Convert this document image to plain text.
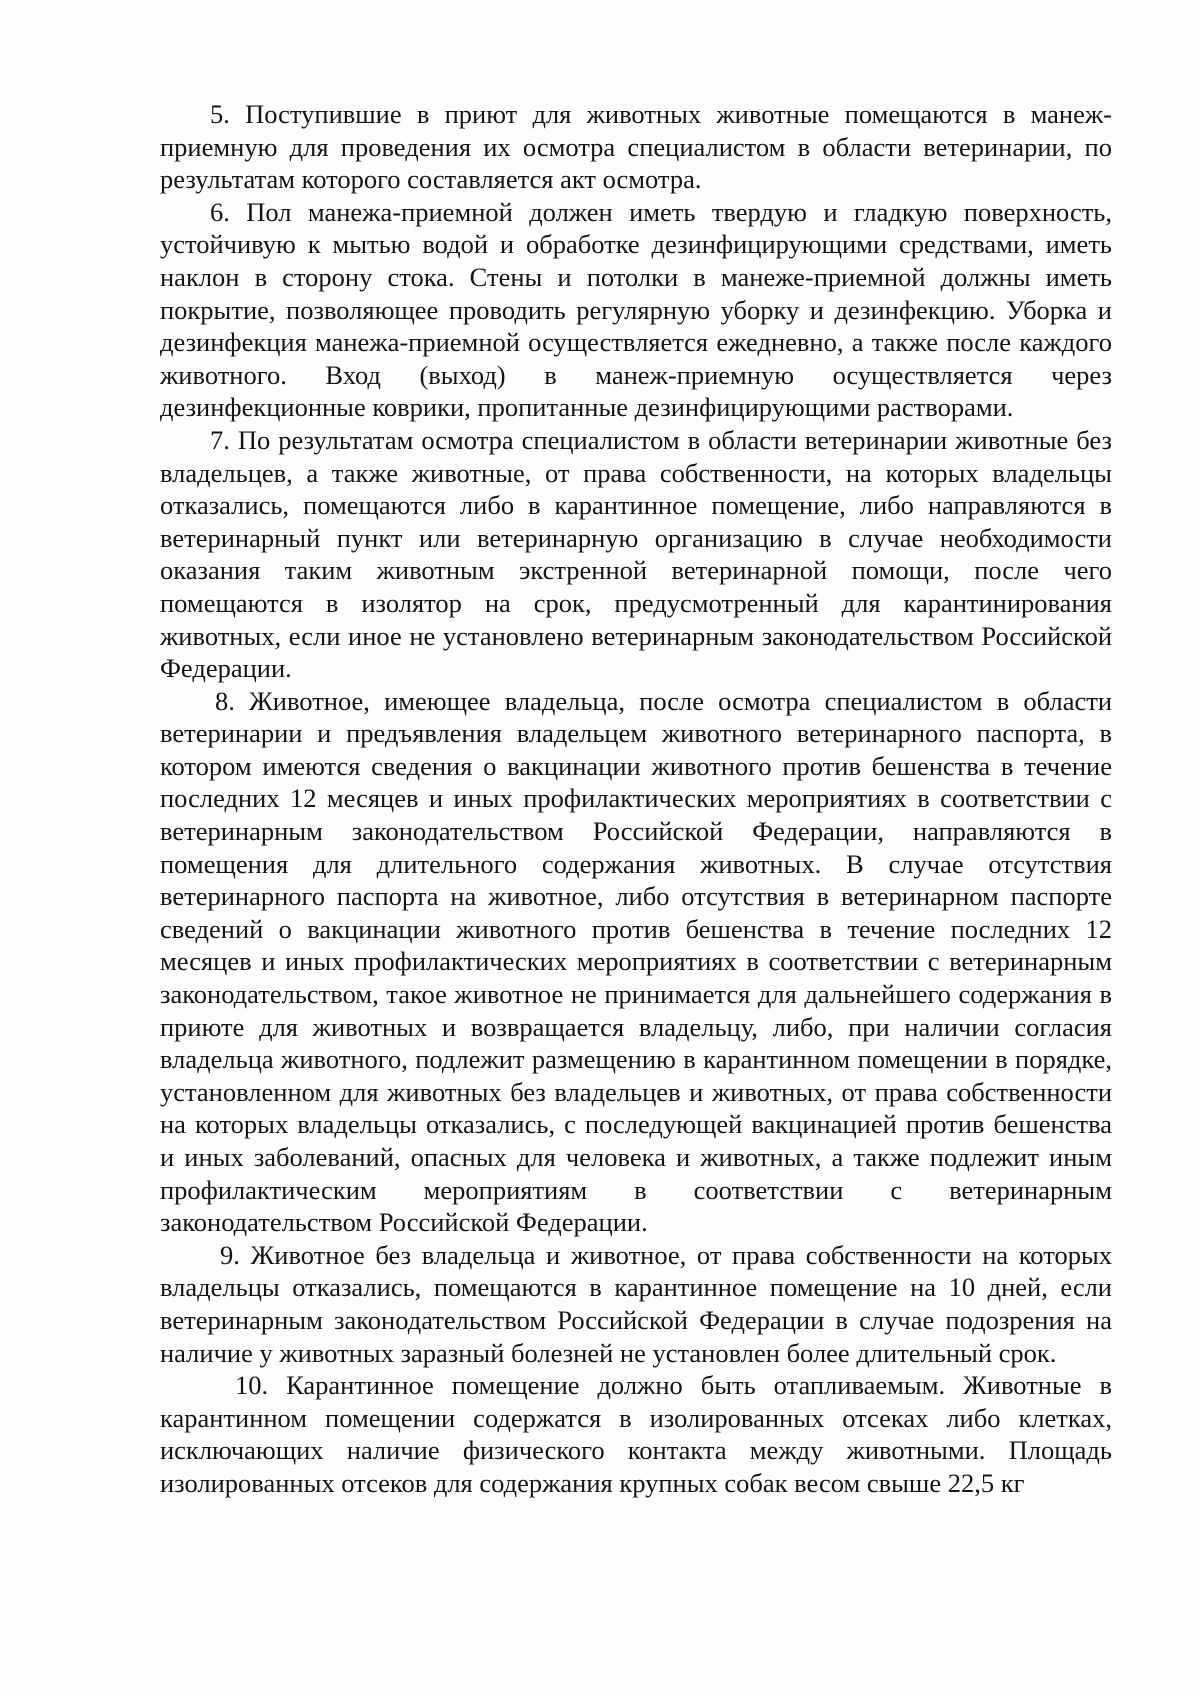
5. Поступившие в приют для животных животные помещаются в манеж-приемную для проведения их осмотра специалистом в области ветеринарии, по результатам которого составляется акт осмотра.

6. Пол манежа-приемной должен иметь твердую и гладкую поверхность, устойчивую к мытью водой и обработке дезинфицирующими средствами, иметь наклон в сторону стока. Стены и потолки в манеже-приемной должны иметь покрытие, позволяющее проводить регулярную уборку и дезинфекцию. Уборка и дезинфекция манежа-приемной осуществляется ежедневно, а также после каждого животного. Вход (выход) в манеж-приемную осуществляется через дезинфекционные коврики, пропитанные дезинфицирующими растворами.

7. По результатам осмотра специалистом в области ветеринарии животные без владельцев, а также животные, от права собственности, на которых владельцы отказались, помещаются либо в карантинное помещение, либо направляются в ветеринарный пункт или ветеринарную организацию в случае необходимости оказания таким животным экстренной ветеринарной помощи, после чего помещаются в изолятор на срок, предусмотренный для карантинирования животных, если иное не установлено ветеринарным законодательством Российской Федерации.

8. Животное, имеющее владельца, после осмотра специалистом в области ветеринарии и предъявления владельцем животного ветеринарного паспорта, в котором имеются сведения о вакцинации животного против бешенства в течение последних 12 месяцев и иных профилактических мероприятиях в соответствии с ветеринарным законодательством Российской Федерации, направляются в помещения для длительного содержания животных. В случае отсутствия ветеринарного паспорта на животное, либо отсутствия в ветеринарном паспорте сведений о вакцинации животного против бешенства в течение последних 12 месяцев и иных профилактических мероприятиях в соответствии с ветеринарным законодательством, такое животное не принимается для дальнейшего содержания в приюте для животных и возвращается владельцу, либо, при наличии согласия владельца животного, подлежит размещению в карантинном помещении в порядке, установленном для животных без владельцев и животных, от права собственности на которых владельцы отказались, с последующей вакцинацией против бешенства и иных заболеваний, опасных для человека и животных, а также подлежит иным профилактическим мероприятиям в соответствии с ветеринарным законодательством Российской Федерации.

9. Животное без владельца и животное, от права собственности на которых владельцы отказались, помещаются в карантинное помещение на 10 дней, если ветеринарным законодательством Российской Федерации в случае подозрения на наличие у животных заразный болезней не установлен более длительный срок.

10. Карантинное помещение должно быть отапливаемым. Животные в карантинном помещении содержатся в изолированных отсеках либо клетках, исключающих наличие физического контакта между животными. Площадь изолированных отсеков для содержания крупных собак весом свыше 22,5 кг
